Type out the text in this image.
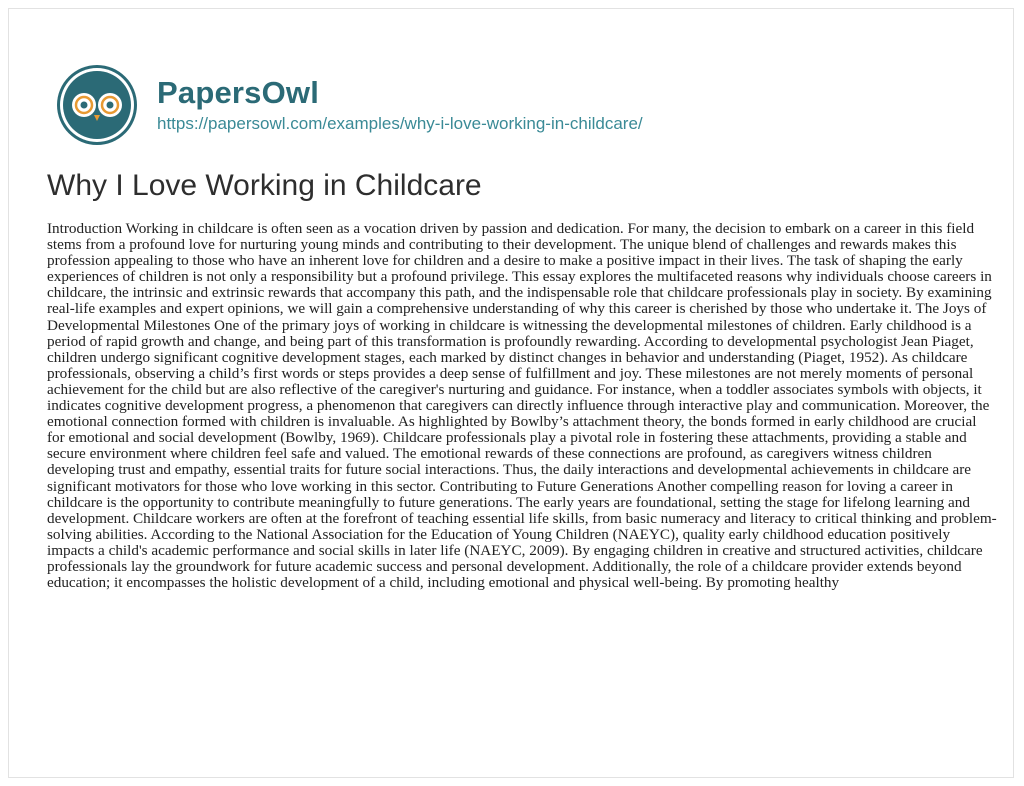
PapersOwl
https://papersowl.com/examples/why-i-love-working-in-childcare/
Why I Love Working in Childcare

Introduction Working in childcare is often seen as a vocation driven by passion and dedication. For many, the decision to embark on a career in this field stems from a profound love for nurturing young minds and contributing to their development. The unique blend of challenges and rewards makes this profession appealing to those who have an inherent love for children and a desire to make a positive impact in their lives. The task of shaping the early experiences of children is not only a responsibility but a profound privilege. This essay explores the multifaceted reasons why individuals choose careers in childcare, the intrinsic and extrinsic rewards that accompany this path, and the indispensable role that childcare professionals play in society. By examining real-life examples and expert opinions, we will gain a comprehensive understanding of why this career is cherished by those who undertake it. The Joys of Developmental Milestones One of the primary joys of working in childcare is witnessing the developmental milestones of children. Early childhood is a period of rapid growth and change, and being part of this transformation is profoundly rewarding. According to developmental psychologist Jean Piaget, children undergo significant cognitive development stages, each marked by distinct changes in behavior and understanding (Piaget, 1952). As childcare professionals, observing a child’s first words or steps provides a deep sense of fulfillment and joy. These milestones are not merely moments of personal achievement for the child but are also reflective of the caregiver's nurturing and guidance. For instance, when a toddler associates symbols with objects, it indicates cognitive development progress, a phenomenon that caregivers can directly influence through interactive play and communication. Moreover, the emotional connection formed with children is invaluable. As highlighted by Bowlby’s attachment theory, the bonds formed in early childhood are crucial for emotional and social development (Bowlby, 1969). Childcare professionals play a pivotal role in fostering these attachments, providing a stable and secure environment where children feel safe and valued. The emotional rewards of these connections are profound, as caregivers witness children developing trust and empathy, essential traits for future social interactions. Thus, the daily interactions and developmental achievements in childcare are significant motivators for those who love working in this sector. Contributing to Future Generations Another compelling reason for loving a career in childcare is the opportunity to contribute meaningfully to future generations. The early years are foundational, setting the stage for lifelong learning and development. Childcare workers are often at the forefront of teaching essential life skills, from basic numeracy and literacy to critical thinking and problem-solving abilities. According to the National Association for the Education of Young Children (NAEYC), quality early childhood education positively impacts a child's academic performance and social skills in later life (NAEYC, 2009). By engaging children in creative and structured activities, childcare professionals lay the groundwork for future academic success and personal development. Additionally, the role of a childcare provider extends beyond education; it encompasses the holistic development of a child, including emotional and physical well-being. By promoting healthy
